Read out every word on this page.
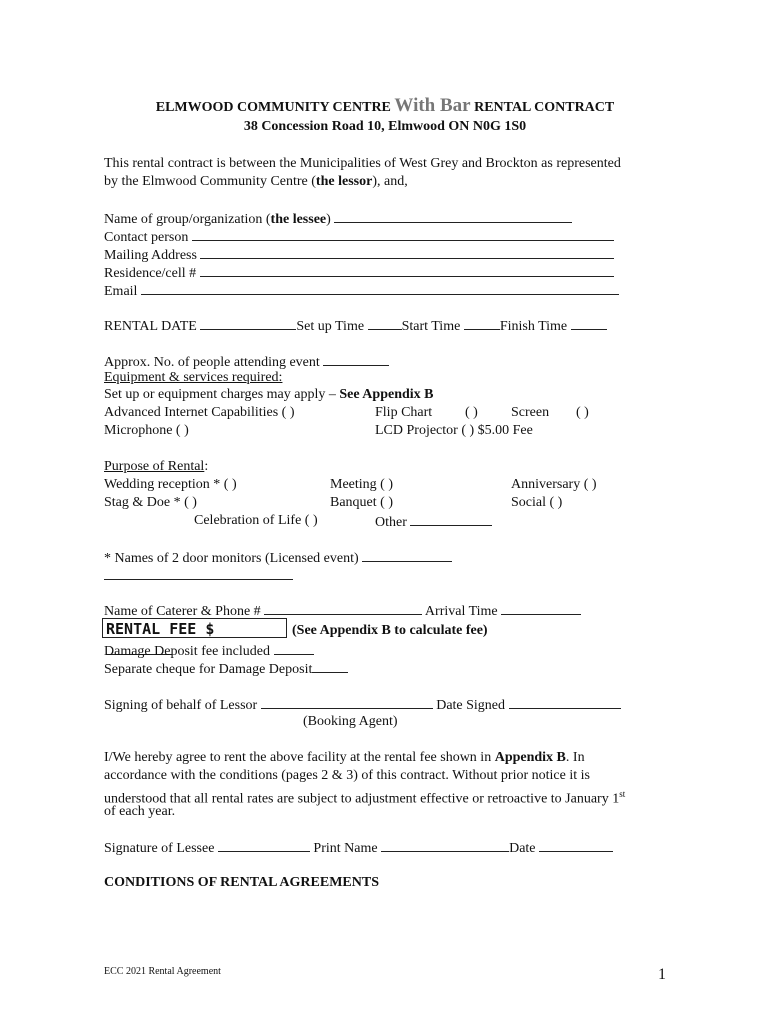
ELMWOOD COMMUNITY CENTRE With Bar RENTAL CONTRACT
38 Concession Road 10, Elmwood ON N0G 1S0
This rental contract is between the Municipalities of West Grey and Brockton as represented
by the Elmwood Community Centre (the lessor), and,
Name of group/organization (the lessee)
Contact person
Mailing Address
Residence/cell #
Email
RENTAL DATE	Set up Time	Start Time	Finish Time
Approx. No. of people attending event
Equipment & services required:
Set up or equipment charges may apply – See Appendix B
Advanced Internet Capabilities ( )	Flip Chart ( ) Screen ( )
Microphone ( )	LCD Projector ( ) $5.00 Fee
Purpose of Rental:
Wedding reception * ( )	Meeting ( )	Anniversary ( )
Stag & Doe * ( )	Banquet ( )	Social ( )
Celebration of Life ( )	Other
* Names of 2 door monitors (Licensed event)
Name of Caterer & Phone #	Arrival Time
RENTAL FEE $	(See Appendix B to calculate fee)
Damage Deposit fee included
Separate cheque for Damage Deposit
Signing of behalf of Lessor	Date Signed
(Booking Agent)
I/We hereby agree to rent the above facility at the rental fee shown in Appendix B. In
accordance with the conditions (pages 2 & 3) of this contract. Without prior notice it is
understood that all rental rates are subject to adjustment effective or retroactive to January 1st
of each year.
Signature of Lessee	Print Name	Date
CONDITIONS OF RENTAL AGREEMENTS
ECC 2021 Rental Agreement	1
